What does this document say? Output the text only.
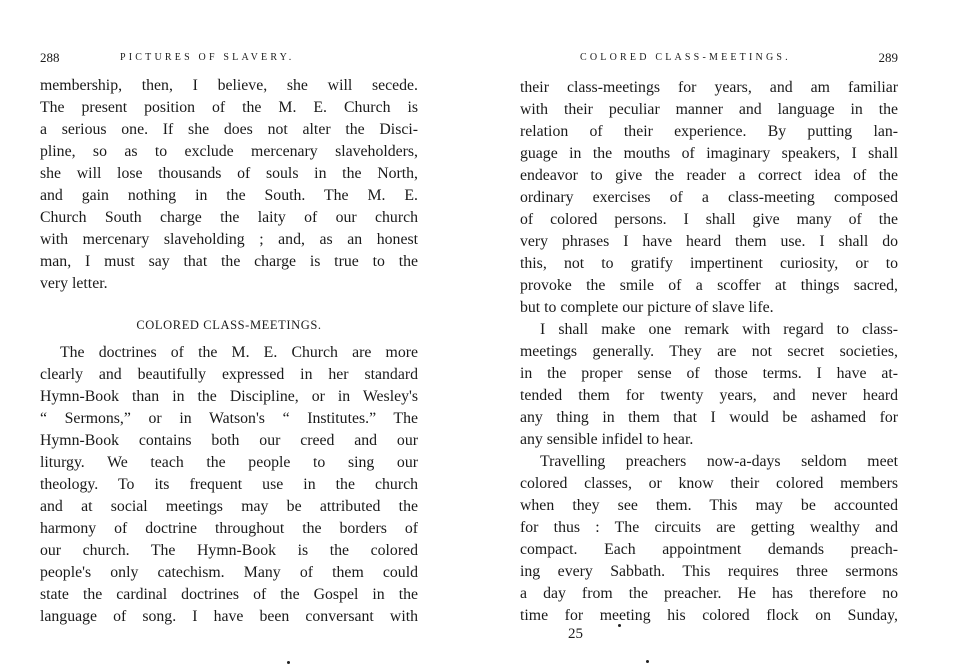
288	PICTURES OF SLAVERY.
membership, then, I believe, she will secede.
The present position of the M. E. Church is
a serious one. If she does not alter the Disci-
pline, so as to exclude mercenary slaveholders,
she will lose thousands of souls in the North,
and gain nothing in the South. The M. E.
Church South charge the laity of our church
with mercenary slaveholding ; and, as an honest
man, I must say that the charge is true to the
very letter.
COLORED CLASS-MEETINGS.
The doctrines of the M. E. Church are more
clearly and beautifully expressed in her standard
Hymn-Book than in the Discipline, or in Wesley's
“ Sermons,” or in Watson's “ Institutes.” The
Hymn-Book contains both our creed and our
liturgy. We teach the people to sing our
theology. To its frequent use in the church
and at social meetings may be attributed the
harmony of doctrine throughout the borders of
our church. The Hymn-Book is the colored
people's only catechism. Many of them could
state the cardinal doctrines of the Gospel in the
language of song. I have been conversant with
COLORED CLASS-MEETINGS.	289
their class-meetings for years, and am familiar
with their peculiar manner and language in the
relation of their experience. By putting lan-
guage in the mouths of imaginary speakers, I shall
endeavor to give the reader a correct idea of the
ordinary exercises of a class-meeting composed
of colored persons. I shall give many of the
very phrases I have heard them use. I shall do
this, not to gratify impertinent curiosity, or to
provoke the smile of a scoffer at things sacred,
but to complete our picture of slave life.
I shall make one remark with regard to class-
meetings generally. They are not secret societies,
in the proper sense of those terms. I have at-
tended them for twenty years, and never heard
any thing in them that I would be ashamed for
any sensible infidel to hear.
Travelling preachers now-a-days seldom meet
colored classes, or know their colored members
when they see them. This may be accounted
for thus : The circuits are getting wealthy and
compact. Each appointment demands preach-
ing every Sabbath. This requires three sermons
a day from the preacher. He has therefore no
time for meeting his colored flock on Sunday,
25
